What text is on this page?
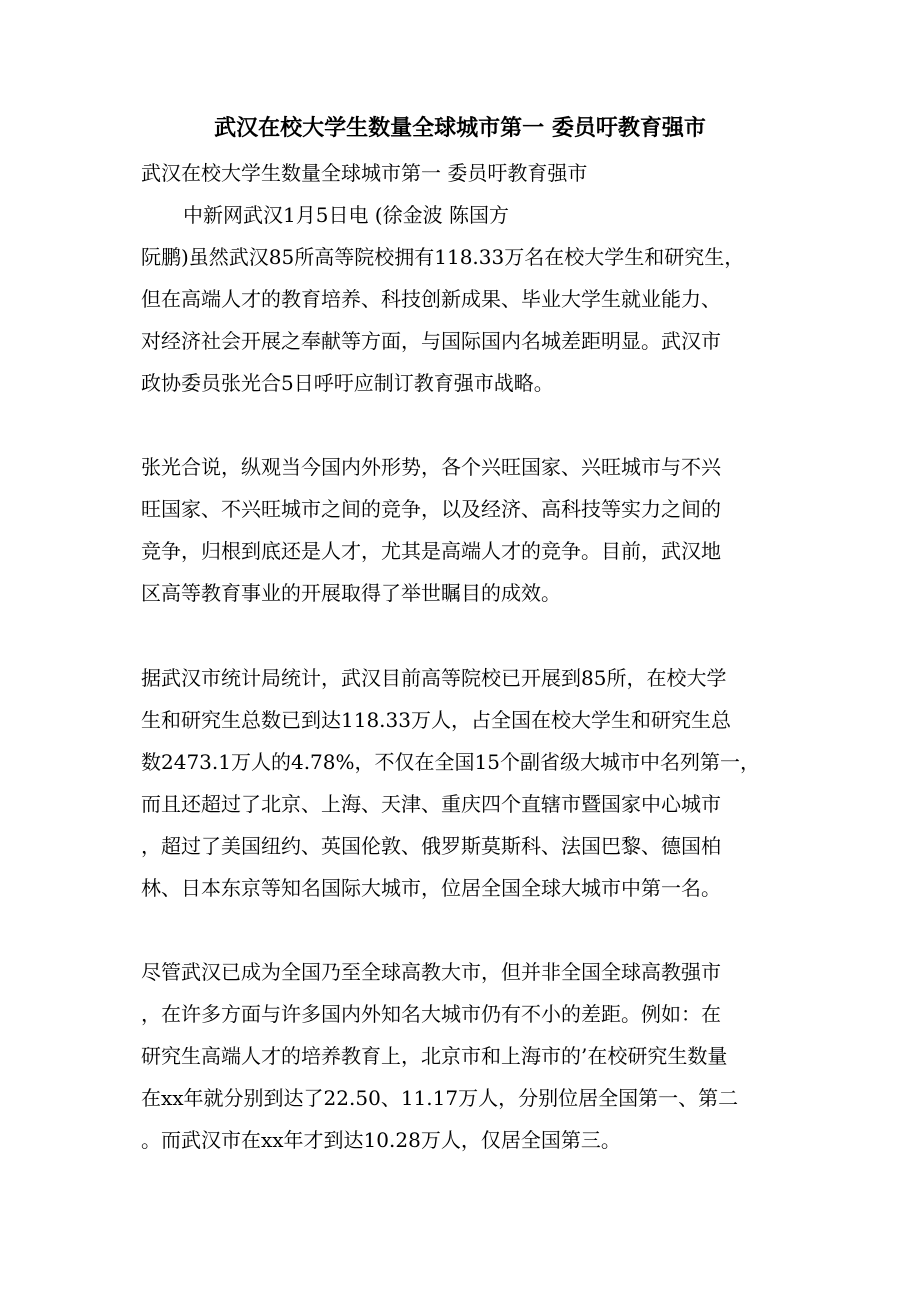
武汉在校大学生数量全球城市第一 委员吁教育强市
武汉在校大学生数量全球城市第一 委员吁教育强市
中新网武汉1月5日电 (徐金波 陈国方
阮鹏)虽然武汉85所高等院校拥有118.33万名在校大学生和研究生，
但在高端人才的教育培养、科技创新成果、毕业大学生就业能力、
对经济社会开展之奉献等方面，与国际国内名城差距明显。武汉市
政协委员张光合5日呼吁应制订教育强市战略。
张光合说，纵观当今国内外形势，各个兴旺国家、兴旺城市与不兴
旺国家、不兴旺城市之间的竞争，以及经济、高科技等实力之间的
竞争，归根到底还是人才，尤其是高端人才的竞争。目前，武汉地
区高等教育事业的开展取得了举世瞩目的成效。
据武汉市统计局统计，武汉目前高等院校已开展到85所，在校大学
生和研究生总数已到达118.33万人，占全国在校大学生和研究生总
数2473.1万人的4.78%，不仅在全国15个副省级大城市中名列第一，
而且还超过了北京、上海、天津、重庆四个直辖市暨国家中心城市
，超过了美国纽约、英国伦敦、俄罗斯莫斯科、法国巴黎、德国柏
林、日本东京等知名国际大城市，位居全国全球大城市中第一名。
尽管武汉已成为全国乃至全球高教大市，但并非全国全球高教强市
，在许多方面与许多国内外知名大城市仍有不小的差距。例如：在
研究生高端人才的培养教育上，北京市和上海市的’在校研究生数量
在xx年就分别到达了22.50、11.17万人，分别位居全国第一、第二
。而武汉市在xx年才到达10.28万人，仅居全国第三。
